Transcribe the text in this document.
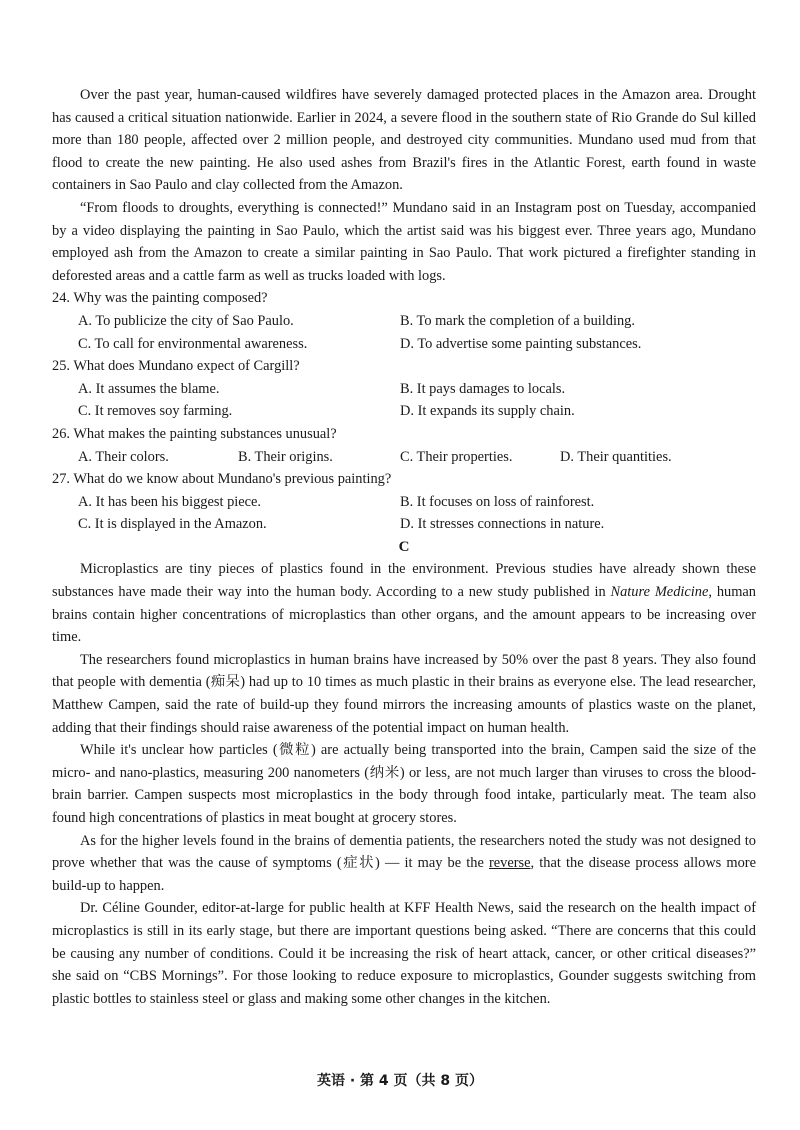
Over the past year, human-caused wildfires have severely damaged protected places in the Amazon area. Drought has caused a critical situation nationwide. Earlier in 2024, a severe flood in the southern state of Rio Grande do Sul killed more than 180 people, affected over 2 million people, and destroyed city communities. Mundano used mud from that flood to create the new painting. He also used ashes from Brazil's fires in the Atlantic Forest, earth found in waste containers in Sao Paulo and clay collected from the Amazon.

“From floods to droughts, everything is connected!” Mundano said in an Instagram post on Tuesday, accompanied by a video displaying the painting in Sao Paulo, which the artist said was his biggest ever. Three years ago, Mundano employed ash from the Amazon to create a similar painting in Sao Paulo. That work pictured a firefighter standing in deforested areas and a cattle farm as well as trucks loaded with logs.

24. Why was the painting composed?
A. To publicize the city of Sao Paulo.	B. To mark the completion of a building.
C. To call for environmental awareness.	D. To advertise some painting substances.
25. What does Mundano expect of Cargill?
A. It assumes the blame.	B. It pays damages to locals.
C. It removes soy farming.	D. It expands its supply chain.
26. What makes the painting substances unusual?
A. Their colors.	B. Their origins.	C. Their properties.	D. Their quantities.
27. What do we know about Mundano's previous painting?
A. It has been his biggest piece.	B. It focuses on loss of rainforest.
C. It is displayed in the Amazon.	D. It stresses connections in nature.
C

Microplastics are tiny pieces of plastics found in the environment. Previous studies have already shown these substances have made their way into the human body. According to a new study published in Nature Medicine, human brains contain higher concentrations of microplastics than other organs, and the amount appears to be increasing over time.

The researchers found microplastics in human brains have increased by 50% over the past 8 years. They also found that people with dementia (痴呆) had up to 10 times as much plastic in their brains as everyone else. The lead researcher, Matthew Campen, said the rate of build-up they found mirrors the increasing amounts of plastics waste on the planet, adding that their findings should raise awareness of the potential impact on human health.

While it's unclear how particles (微粒) are actually being transported into the brain, Campen said the size of the micro- and nano-plastics, measuring 200 nanometers (纳米) or less, are not much larger than viruses to cross the blood-brain barrier. Campen suspects most microplastics in the body through food intake, particularly meat. The team also found high concentrations of plastics in meat bought at grocery stores.

As for the higher levels found in the brains of dementia patients, the researchers noted the study was not designed to prove whether that was the cause of symptoms (症状) — it may be the reverse, that the disease process allows more build-up to happen.

Dr. Céline Gounder, editor-at-large for public health at KFF Health News, said the research on the health impact of microplastics is still in its early stage, but there are important questions being asked. “There are concerns that this could be causing any number of conditions. Could it be increasing the risk of heart attack, cancer, or other critical diseases?” she said on “CBS Mornings”. For those looking to reduce exposure to microplastics, Gounder suggests switching from plastic bottles to stainless steel or glass and making some other changes in the kitchen.

英语 · 第 4 页（共 8 页）
